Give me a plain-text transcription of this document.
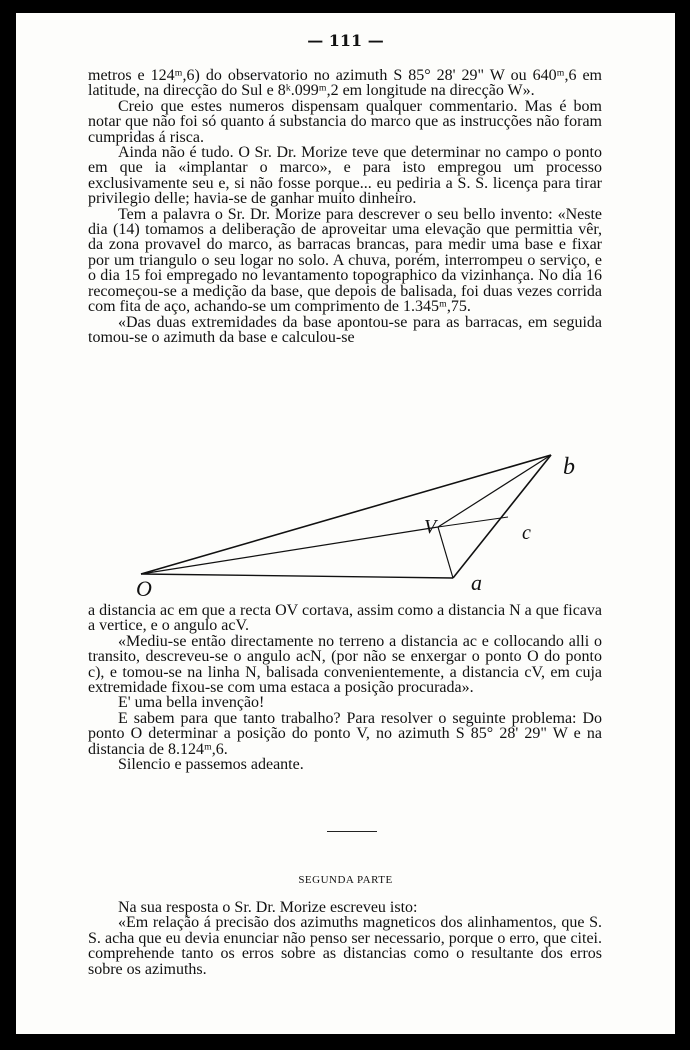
— 111 —

metros e 124ᵐ,6) do observatorio no azimuth S 85° 28' 29" W ou 640ᵐ,6 em latitude, na direcção do Sul e 8ᵏ.099ᵐ,2 em longitude na direcção W».

Creio que estes numeros dispensam qualquer commentario. Mas é bom notar que não foi só quanto á substancia do marco que as instrucções não foram cumpridas á risca.

Ainda não é tudo. O Sr. Dr. Morize teve que determinar no campo o ponto em que ia «implantar o marco», e para isto empregou um processo exclusivamente seu e, si não fosse porque... eu pediria a S. S. licença para tirar privilegio delle; havia-se de ganhar muito dinheiro.

Tem a palavra o Sr. Dr. Morize para descrever o seu bello invento: «Neste dia (14) tomamos a deliberação de aproveitar uma elevação que permittia vêr, da zona provavel do marco, as barracas brancas, para medir uma base e fixar por um triangulo o seu logar no solo. A chuva, porém, interrompeu o serviço, e o dia 15 foi empregado no levantamento topographico da vizinhança. No dia 16 recomeçou-se a medição da base, que depois de balisada, foi duas vezes corrida com fita de aço, achando-se um comprimento de 1.345ᵐ,75.

«Das duas extremidades da base apontou-se para as barracas, em seguida tomou-se o azimuth da base e calculou-se

O
b
V	c
a

a distancia ac em que a recta OV cortava, assim como a distancia N a que ficava a vertice, e o angulo acV.

«Mediu-se então directamente no terreno a distancia ac e collocando alli o transito, descreveu-se o angulo acN, (por não se enxergar o ponto O do ponto c), e tomou-se na linha N, balisada convenientemente, a distancia cV, em cuja extremidade fixou-se com uma estaca a posição procurada».

E' uma bella invenção!

E sabem para que tanto trabalho? Para resolver o seguinte problema: Do ponto O determinar a posição do ponto V, no azimuth S 85° 28' 29" W e na distancia de 8.124ᵐ,6.

Silencio e passemos adeante.

SEGUNDA PARTE

Na sua resposta o Sr. Dr. Morize escreveu isto:

«Em relação á precisão dos azimuths magneticos dos alinhamentos, que S. S. acha que eu devia enunciar não penso ser necessario, porque o erro, que citei. comprehende tanto os erros sobre as distancias como o resultante dos erros sobre os azimuths.
